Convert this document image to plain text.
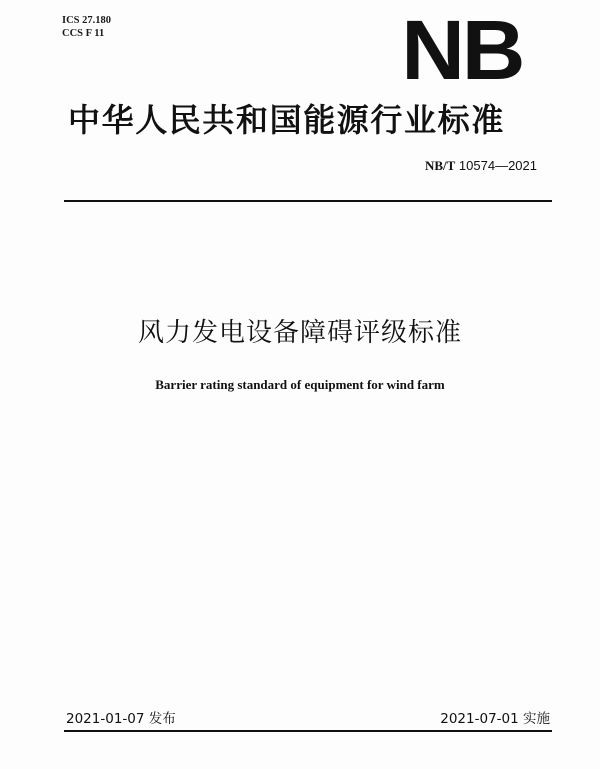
ICS 27.180
CCS F 11	NB
中华人民共和国能源行业标准
NB/T 10574—2021
风力发电设备障碍评级标准
Barrier rating standard of equipment for wind farm
2021-01-07 发布	2021-07-01 实施
